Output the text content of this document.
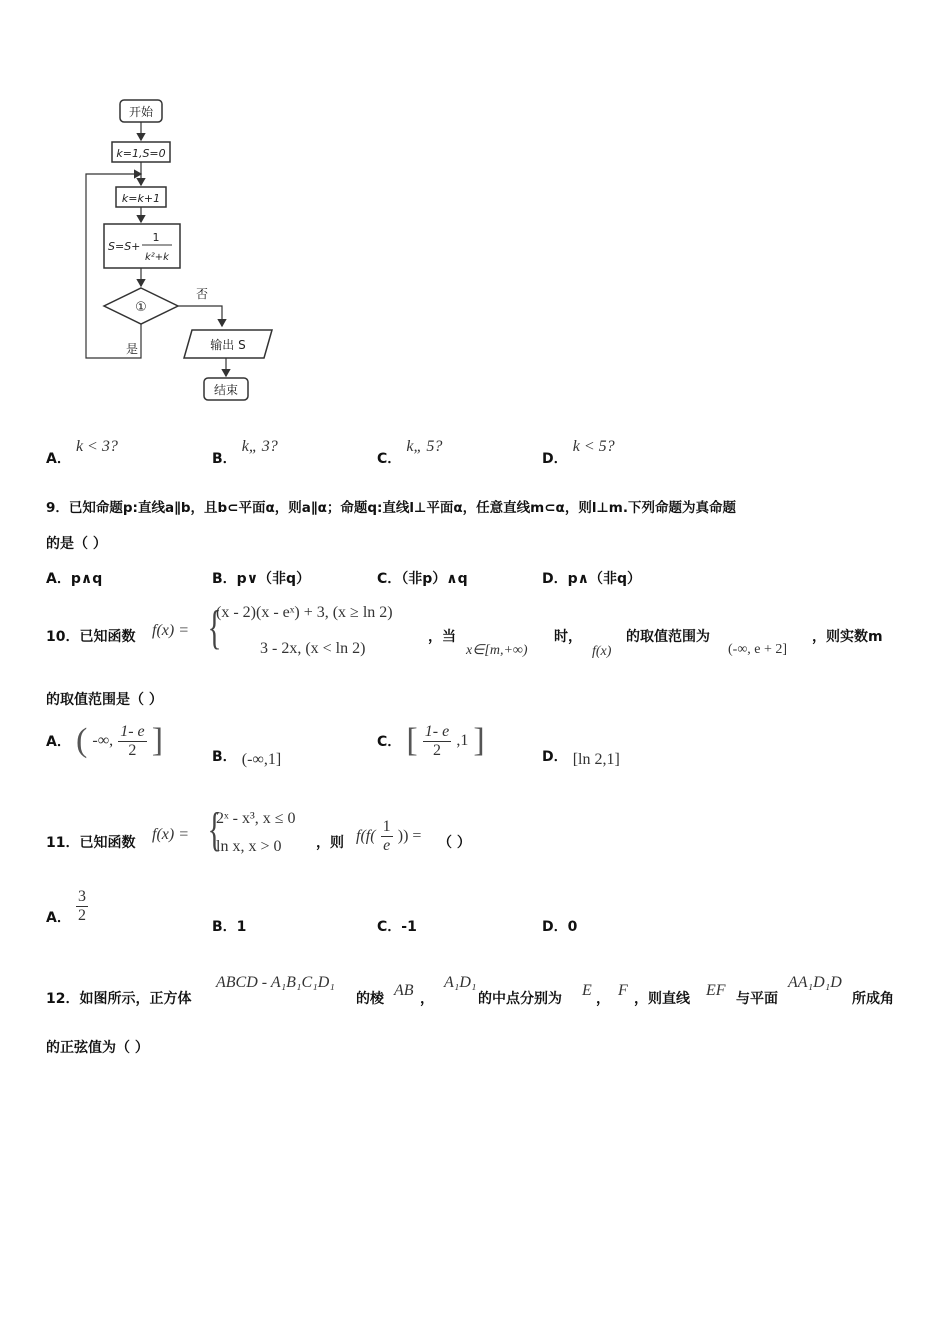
开始
k=1,S=0
k=k+1
S=S+
1
k²+k
①
否
输出 S
结束
是
A． k < 3?
B． k„ 3?
C． k„ 5?
D． k < 5?
9．已知命题p:直线a∥b，且b⊂平面α，则a∥α；命题q:直线l⊥平面α，任意直线m⊂α，则l⊥m.下列命题为真命题
的是（ ）
A．p∧q	B．p∨（非q）	C．（非p）∧q	D．p∧（非q）
10．已知函数 f(x) = {
(x - 2)(x - eˣ) + 3, (x ≥ ln 2)
3 - 2x, (x < ln 2)
，当
x∈[m,+∞)
时，
f(x)
的取值范围为
(-∞, e + 2]
，则实数m
的取值范围是（ ）
A． ( -∞, $\frac{1- e}{2}$ ]	B． (-∞,1]
C． [ $\frac{1- e}{2} ,1$ ]	D． [ln 2,1]
11．已知函数 f(x) = {
2ˣ - x³, x ≤ 0
ln x, x > 0 ，则 $f(f( \frac{1}{e}$ )) = （ ）
A． $\frac{3}{2}$
B．1	C．-1	D．0
12．如图所示，正方体
ABCD - A₁B₁C₁D₁
的棱 AB ，
A₁D₁
的中点分别为 E ， F ，则直线 EF 与平面
AA₁D₁D
所成角
的正弦值为（ ）
